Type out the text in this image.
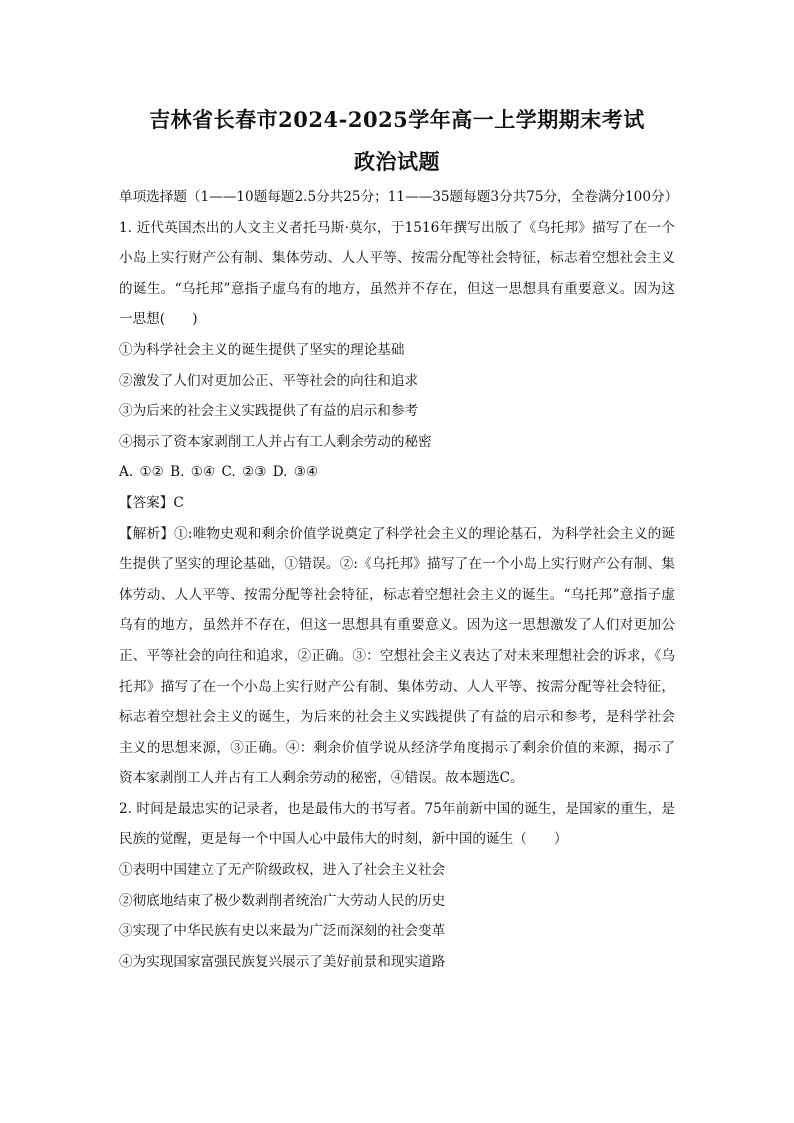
吉林省长春市2024-2025学年高一上学期期末考试
政治试题

单项选择题（1——10题每题2.5分共25分；11——35题每题3分共75分，全卷满分100分）

1. 近代英国杰出的人文主义者托马斯·莫尔，于1516年撰写出版了《乌托邦》描写了在一个小岛上实行财产公有制、集体劳动、人人平等、按需分配等社会特征，标志着空想社会主义的诞生。“乌托邦”意指子虚乌有的地方，虽然并不存在，但这一思想具有重要意义。因为这一思想(　　)

①为科学社会主义的诞生提供了坚实的理论基础

②激发了人们对更加公正、平等社会的向往和追求

③为后来的社会主义实践提供了有益的启示和参考

④揭示了资本家剥削工人并占有工人剩余劳动的秘密

A. ①② B. ①④ C. ②③ D. ③④

【答案】C

【解析】①:唯物史观和剩余价值学说奠定了科学社会主义的理论基石，为科学社会主义的诞生提供了坚实的理论基础，①错误。②:《乌托邦》描写了在一个小岛上实行财产公有制、集体劳动、人人平等、按需分配等社会特征，标志着空想社会主义的诞生。“乌托邦”意指子虚乌有的地方，虽然并不存在，但这一思想具有重要意义。因为这一思想激发了人们对更加公正、平等社会的向往和追求，②正确。③：空想社会主义表达了对未来理想社会的诉求，《乌托邦》描写了在一个小岛上实行财产公有制、集体劳动、人人平等、按需分配等社会特征，标志着空想社会主义的诞生，为后来的社会主义实践提供了有益的启示和参考，是科学社会主义的思想来源，③正确。④：剩余价值学说从经济学角度揭示了剩余价值的来源，揭示了资本家剥削工人并占有工人剩余劳动的秘密，④错误。故本题选C。

2. 时间是最忠实的记录者，也是最伟大的书写者。75年前新中国的诞生，是国家的重生，是民族的觉醒，更是每一个中国人心中最伟大的时刻，新中国的诞生（　　）

①表明中国建立了无产阶级政权，进入了社会主义社会

②彻底地结束了极少数剥削者统治广大劳动人民的历史

③实现了中华民族有史以来最为广泛而深刻的社会变革

④为实现国家富强民族复兴展示了美好前景和现实道路
